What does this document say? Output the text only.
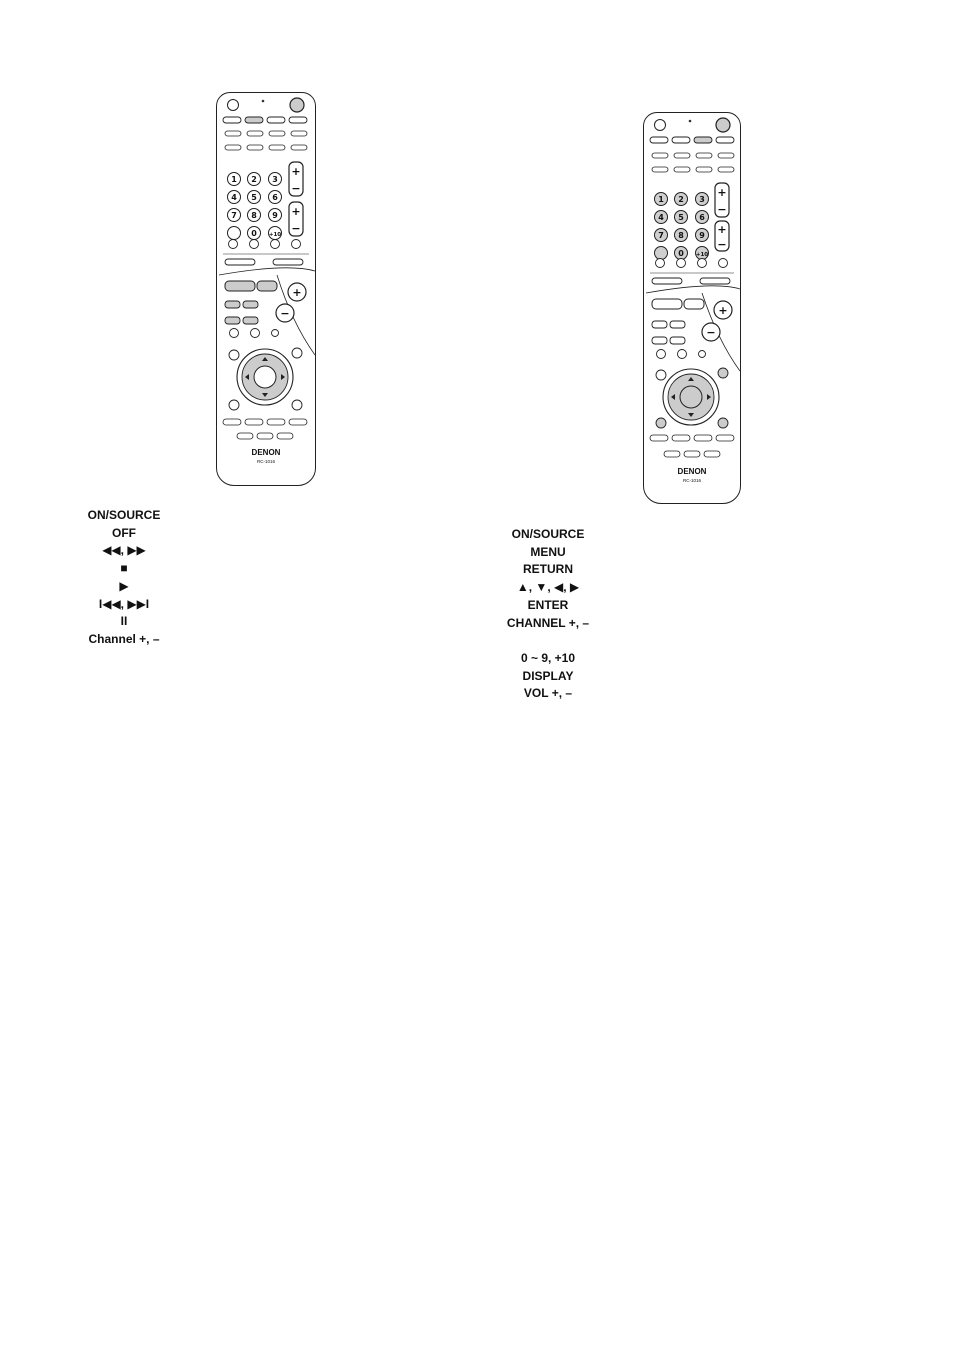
1 2 3
4 5 6
7 8 9
0 +10
+
−
+
−
+
−
DENON
RC-1016
ON/SOURCE
OFF
◀◀, ▶▶
■
▶
I◀◀, ▶▶I
II
Channel +, –
1 2 3
4 5 6
7 8 9
0 +10
+
−
+
−
+
−
DENON
RC-1016
ON/SOURCE
MENU
RETURN
▲, ▼, ◀, ▶
ENTER
CHANNEL +, –

0 ~ 9, +10
DISPLAY
VOL +, –
